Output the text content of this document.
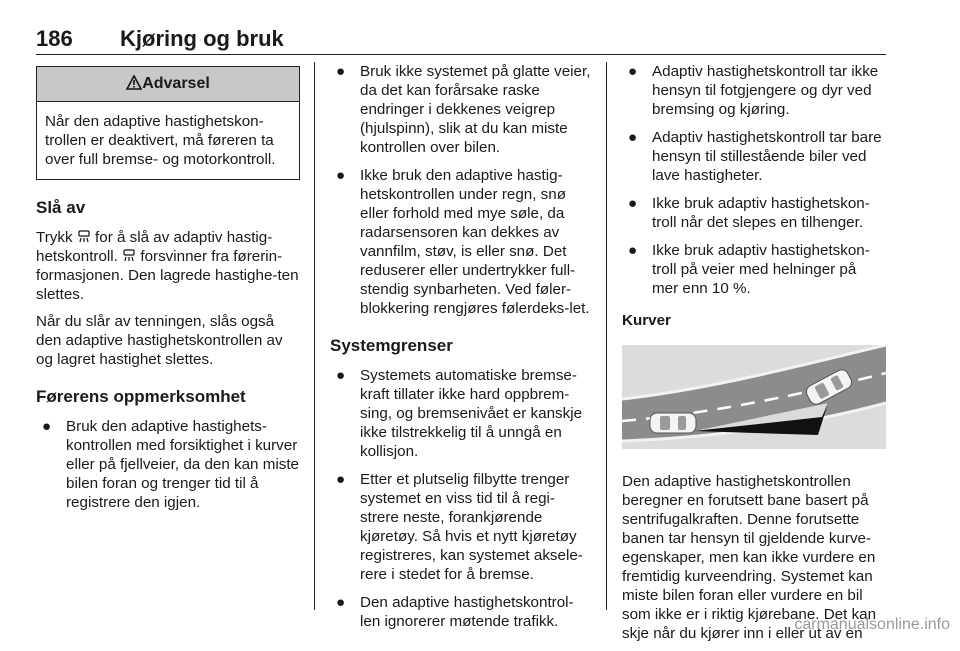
186 Kjøring og bruk
Advarsel
Når den adaptive hastighetskon-trollen er deaktivert, må føreren ta over full bremse- og motorkontroll.
Slå av

Trykk for å slå av adaptiv hastig-hetskontroll. forsvinner fra førerin-formasjonen. Den lagrede hastighe-ten slettes.

Når du slår av tenningen, slås også den adaptive hastighetskontrollen av og lagret hastighet slettes.

Førerens oppmerksomhet
● Bruk den adaptive hastighets-kontrollen med forsiktighet i kurver eller på fjellveier, da den kan miste bilen foran og trenger tid til å registrere den igjen.
● Bruk ikke systemet på glatte veier, da det kan forårsake raske endringer i dekkenes veigrep (hjulspinn), slik at du kan miste kontrollen over bilen.
● Ikke bruk den adaptive hastig-hetskontrollen under regn, snø eller forhold med mye søle, da radarsensoren kan dekkes av vannfilm, støv, is eller snø. Det reduserer eller undertrykker full-stendig synbarheten. Ved føler-blokkering rengjøres følerdeks-let.
Systemgrenser
● Systemets automatiske bremse-kraft tillater ikke hard oppbrem-sing, og bremsenivået er kanskje ikke tilstrekkelig til å unngå en kollisjon.
● Etter et plutselig filbytte trenger systemet en viss tid til å regi-strere neste, forankjørende kjøretøy. Så hvis et nytt kjøretøy registreres, kan systemet aksele-rere i stedet for å bremse.
● Den adaptive hastighetskontrol-len ignorerer møtende trafikk.
● Adaptiv hastighetskontroll tar ikke hensyn til fotgjengere og dyr ved bremsing og kjøring.
● Adaptiv hastighetskontroll tar bare hensyn til stillestående biler ved lave hastigheter.
● Ikke bruk adaptiv hastighetskon-troll når det slepes en tilhenger.
● Ikke bruk adaptiv hastighetskon-troll på veier med helninger på mer enn 10 %.
Kurver

Den adaptive hastighetskontrollen beregner en forutsett bane basert på sentrifugalkraften. Denne forutsette banen tar hensyn til gjeldende kurve-egenskaper, men kan ikke vurdere en fremtidig kurveendring. Systemet kan miste bilen foran eller vurdere en bil som ikke er i riktig kjørebane. Det kan skje når du kjører inn i eller ut av en

carmanualsonline.info
